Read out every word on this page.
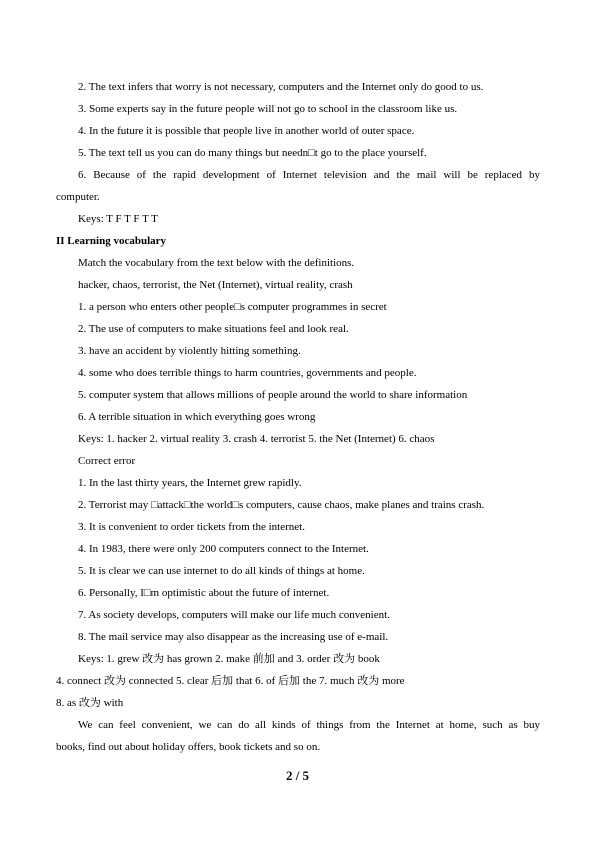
2. The text infers that worry is not necessary, computers and the Internet only do good to us.
3. Some experts say in the future people will not go to school in the classroom like us.
4. In the future it is possible that people live in another world of outer space.
5. The text tell us you can do many things but needn□t go to the place yourself.
6. Because of the rapid development of Internet television and the mail will be replaced by
computer.
Keys: T F T F T T
II Learning vocabulary
Match the vocabulary from the text below with the definitions.
hacker, chaos, terrorist, the Net (Internet), virtual reality, crash
1. a person who enters other people□s computer programmes in secret
2. The use of computers to make situations feel and look real.
3. have an accident by violently hitting something.
4. some who does terrible things to harm countries, governments and people.
5. computer system that allows millions of people around the world to share information
6. A terrible situation in which everything goes wrong
Keys: 1. hacker 2. virtual reality 3. crash 4. terrorist 5. the Net (Internet) 6. chaos
Correct error
1. In the last thirty years, the Internet grew rapidly.
2. Terrorist may □attack□the world□s computers, cause chaos, make planes and trains crash.
3. It is convenient to order tickets from the internet.
4. In 1983, there were only 200 computers connect to the Internet.
5. It is clear we can use internet to do all kinds of things at home.
6. Personally, I□m optimistic about the future of internet.
7. As society develops, computers will make our life much convenient.
8. The mail service may also disappear as the increasing use of e-mail.
Keys: 1. grew 改为 has grown 2. make 前加 and 3. order 改为 book
4. connect 改为 connected 5. clear 后加 that 6. of 后加 the 7. much 改为 more
8. as 改为 with
We can feel convenient, we can do all kinds of things from the Internet at home, such as buy
books, find out about holiday offers, book tickets and so on.
2 / 5
